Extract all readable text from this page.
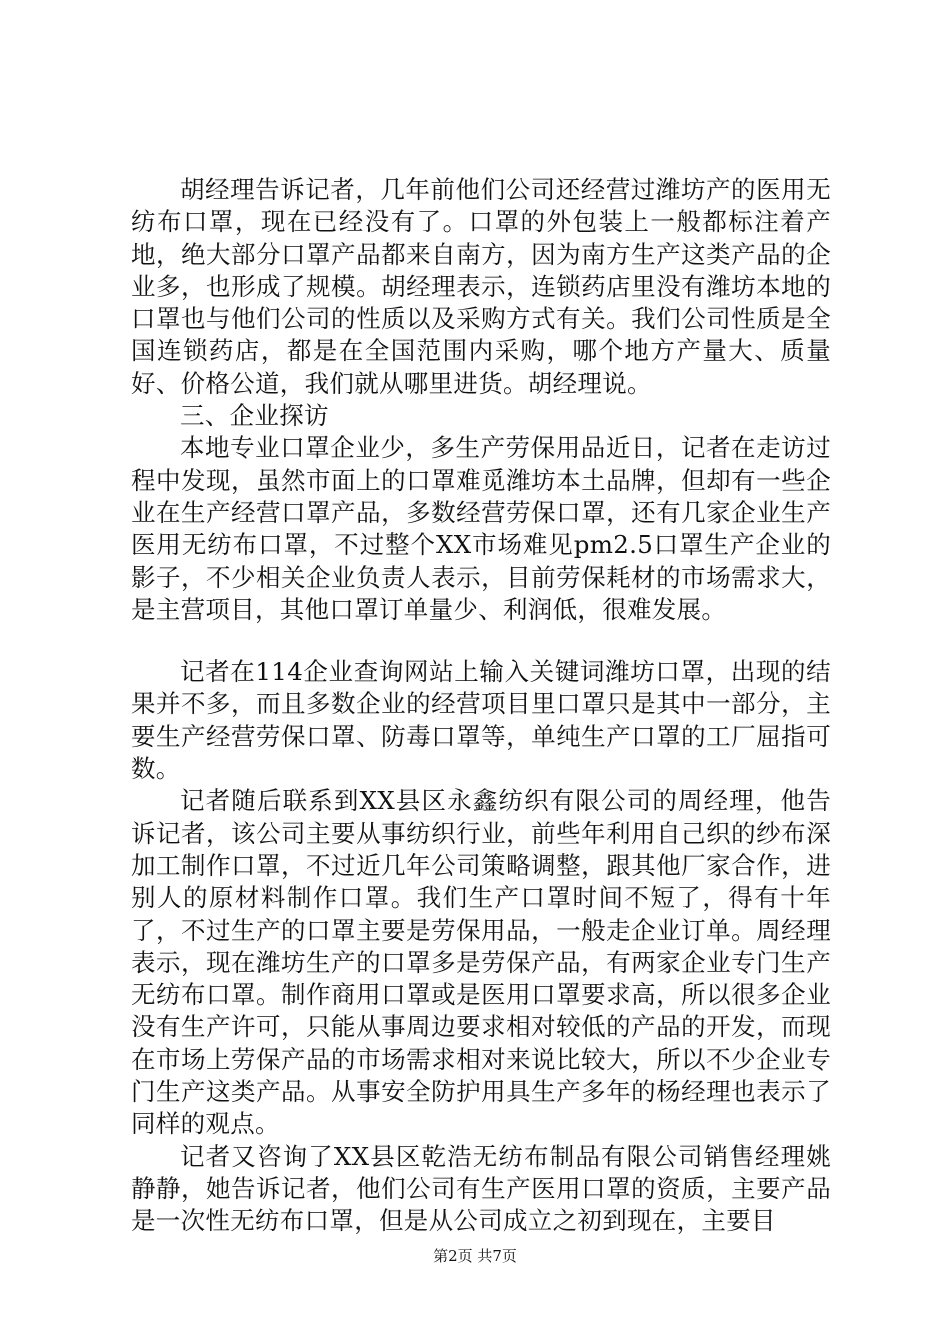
胡经理告诉记者，几年前他们公司还经营过潍坊产的医用无纺布口罩，现在已经没有了。口罩的外包装上一般都标注着产地，绝大部分口罩产品都来自南方，因为南方生产这类产品的企业多，也形成了规模。胡经理表示，连锁药店里没有潍坊本地的口罩也与他们公司的性质以及采购方式有关。我们公司性质是全国连锁药店，都是在全国范围内采购，哪个地方产量大、质量好、价格公道，我们就从哪里进货。胡经理说。

三、企业探访

本地专业口罩企业少，多生产劳保用品近日，记者在走访过程中发现，虽然市面上的口罩难觅潍坊本土品牌，但却有一些企业在生产经营口罩产品，多数经营劳保口罩，还有几家企业生产医用无纺布口罩，不过整个XX市场难见pm2.5口罩生产企业的影子，不少相关企业负责人表示，目前劳保耗材的市场需求大，是主营项目，其他口罩订单量少、利润低，很难发展。

记者在114企业查询网站上输入关键词潍坊口罩，出现的结果并不多，而且多数企业的经营项目里口罩只是其中一部分，主要生产经营劳保口罩、防毒口罩等，单纯生产口罩的工厂屈指可数。

记者随后联系到XX县区永鑫纺织有限公司的周经理，他告诉记者，该公司主要从事纺织行业，前些年利用自己织的纱布深加工制作口罩，不过近几年公司策略调整，跟其他厂家合作，进别人的原材料制作口罩。我们生产口罩时间不短了，得有十年了，不过生产的口罩主要是劳保用品，一般走企业订单。周经理表示，现在潍坊生产的口罩多是劳保产品，有两家企业专门生产无纺布口罩。制作商用口罩或是医用口罩要求高，所以很多企业没有生产许可，只能从事周边要求相对较低的产品的开发，而现在市场上劳保产品的市场需求相对来说比较大，所以不少企业专门生产这类产品。从事安全防护用具生产多年的杨经理也表示了同样的观点。

记者又咨询了XX县区乾浩无纺布制品有限公司销售经理姚静静，她告诉记者，他们公司有生产医用口罩的资质，主要产品是一次性无纺布口罩，但是从公司成立之初到现在，主要目

第2页 共7页
